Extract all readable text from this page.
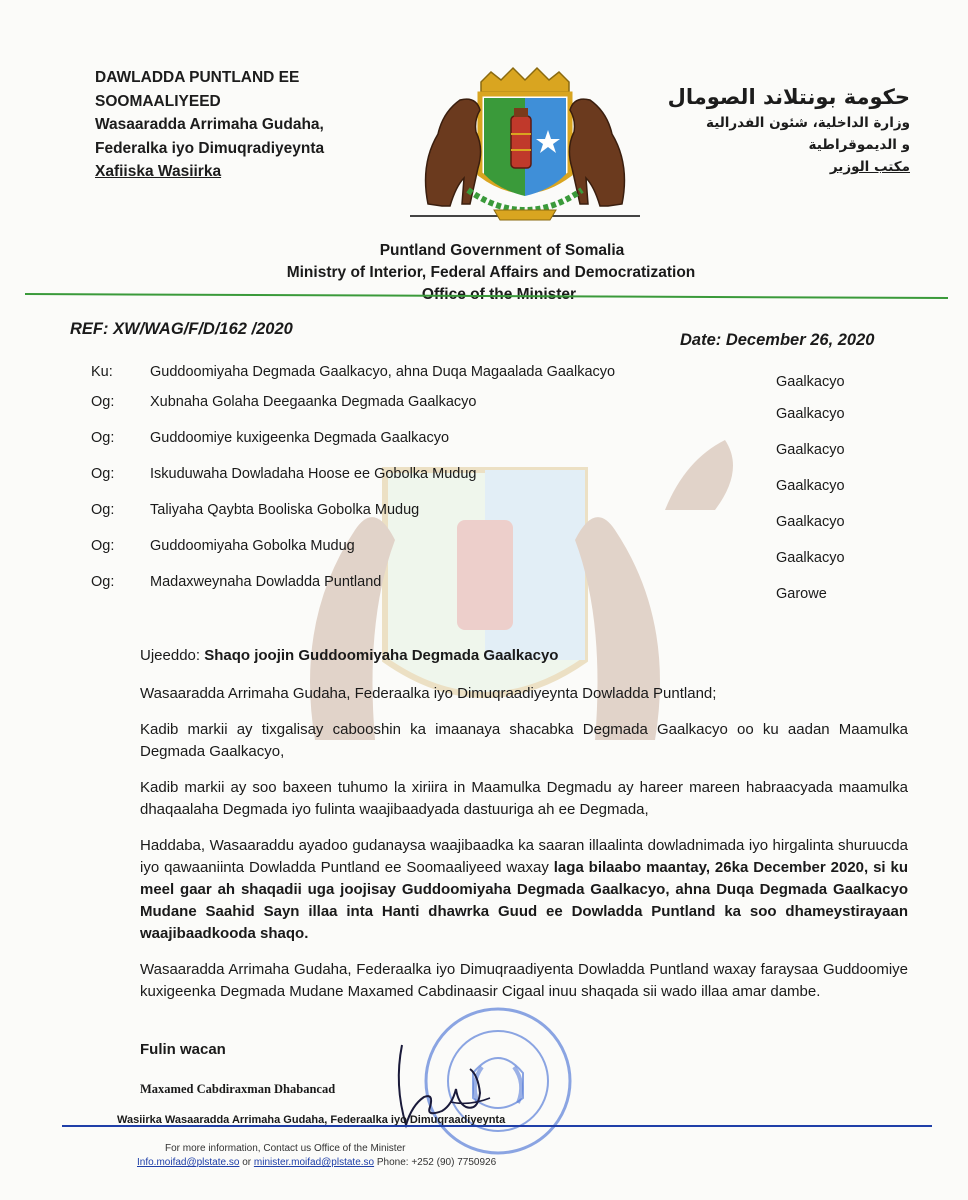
DAWLADDA PUNTLAND EE
SOOMAALIYEED
Wasaaradda Arrimaha Gudaha,
Federalka iyo Dimuqradiyeynta
Xafiiska Wasiirka
حكومة بونتلاند الصومال
وزارة الداخلية، شئون الفدرالية
و الديموقراطية
مكتب الوزير
Puntland Government of Somalia
Ministry of Interior, Federal Affairs and Democratization
Office of the Minister
REF: XW/WAG/F/D/162 /2020
Date: December 26, 2020
Ku:	Guddoomiyaha Degmada Gaalkacyo, ahna Duqa Magaalada Gaalkacyo
Gaalkacyo
Og: Xubnaha Golaha Deegaanka Degmada Gaalkacyo
Gaalkacyo
Og: Guddoomiye kuxigeenka Degmada Gaalkacyo
Gaalkacyo
Og: Iskuduwaha Dowladaha Hoose ee Gobolka Mudug
Gaalkacyo
Og: Taliyaha Qaybta Booliska Gobolka Mudug
Gaalkacyo
Og: Guddoomiyaha Gobolka Mudug
Gaalkacyo
Og: Madaxweynaha Dowladda Puntland
Garowe

Ujeeddo: Shaqo joojin Guddoomiyaha Degmada Gaalkacyo

Wasaaradda Arrimaha Gudaha, Federaalka iyo Dimuqraadiyeynta Dowladda Puntland;

Kadib markii ay tixgalisay cabooshin ka imaanaya shacabka Degmada Gaalkacyo oo ku aadan Maamulka Degmada Gaalkacyo,

Kadib markii ay soo baxeen tuhumo la xiriira in Maamulka Degmadu ay hareer mareen habraacyada maamulka dhaqaalaha Degmada iyo fulinta waajibaadyada dastuuriga ah ee Degmada,

Haddaba, Wasaaraddu ayadoo gudanaysa waajibaadka ka saaran illaalinta dowladnimada iyo hirgalinta shuruucda iyo qawaaniinta Dowladda Puntland ee Soomaaliyeed waxay laga bilaabo maantay, 26ka December 2020, si ku meel gaar ah shaqadii uga joojisay Guddoomiyaha Degmada Gaalkacyo, ahna Duqa Degmada Gaalkacyo Mudane Saahid Sayn illaa inta Hanti dhawrka Guud ee Dowladda Puntland ka soo dhameystirayaan waajibaadkooda shaqo.

Wasaaradda Arrimaha Gudaha, Federaalka iyo Dimuqraadiyenta Dowladda Puntland waxay faraysaa Guddoomiye kuxigeenka Degmada Mudane Maxamed Cabdinaasir Cigaal inuu shaqada sii wado illaa amar dambe.

Fulin wacan
Maxamed Cabdiraxman Dhabancad
Wasiirka Wasaaradda Arrimaha Gudaha, Federaalka iyo Dimuqraadiyeynta
For more information, Contact us Office of the Minister
Info.moifad@plstate.so or minister.moifad@plstate.so Phone: +252 (90) 7750926
